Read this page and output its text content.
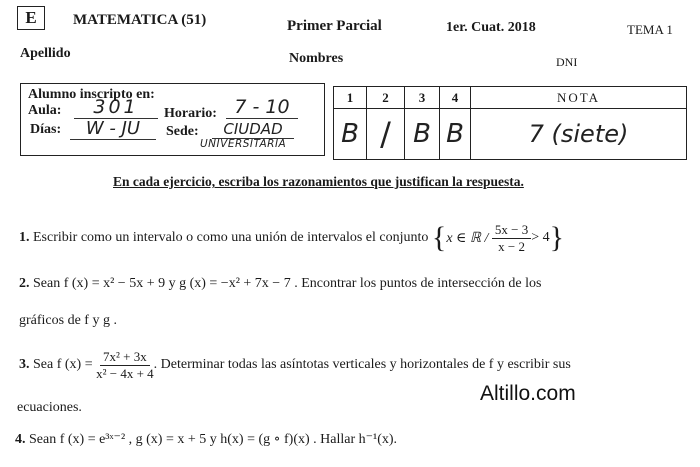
E	MATEMATICA (51)	Primer Parcial	1er. Cuat. 2018	TEMA 1
Apellido	Nombres	DNI
Alumno inscripto en:
Aula:	301	Horario: 7 - 10
Días:	W - JU	Sede:	CIUDAD
UNIVERSITARIA
1	2	3	4	NOTA
B	/	B	B	7 (siete)
En cada ejercicio, escriba los razonamientos que justifican la respuesta.
1.
Escribir como un intervalo o como una unión de intervalos el conjunto
{ x ∈ ℝ /
$\frac{5x - 3}{x - 2} > 4$ }
2. Sean f (x) = x² − 5x + 9 y g (x) = −x² + 7x − 7 . Encontrar los puntos de intersección de los
gráficos de f y g .
3.
Sea f (x) =
$\frac{\text{7x² + 3x}}{\text{x² − 4x + 4}}$ . Determinar todas las asíntotas verticales y horizontales de f y escribir sus
ecuaciones.
Altillo.com
4. Sean f (x) = e³ˣ⁻² , g (x) = x + 5 y h(x) = (g ∘ f)(x) . Hallar h⁻¹(x).
